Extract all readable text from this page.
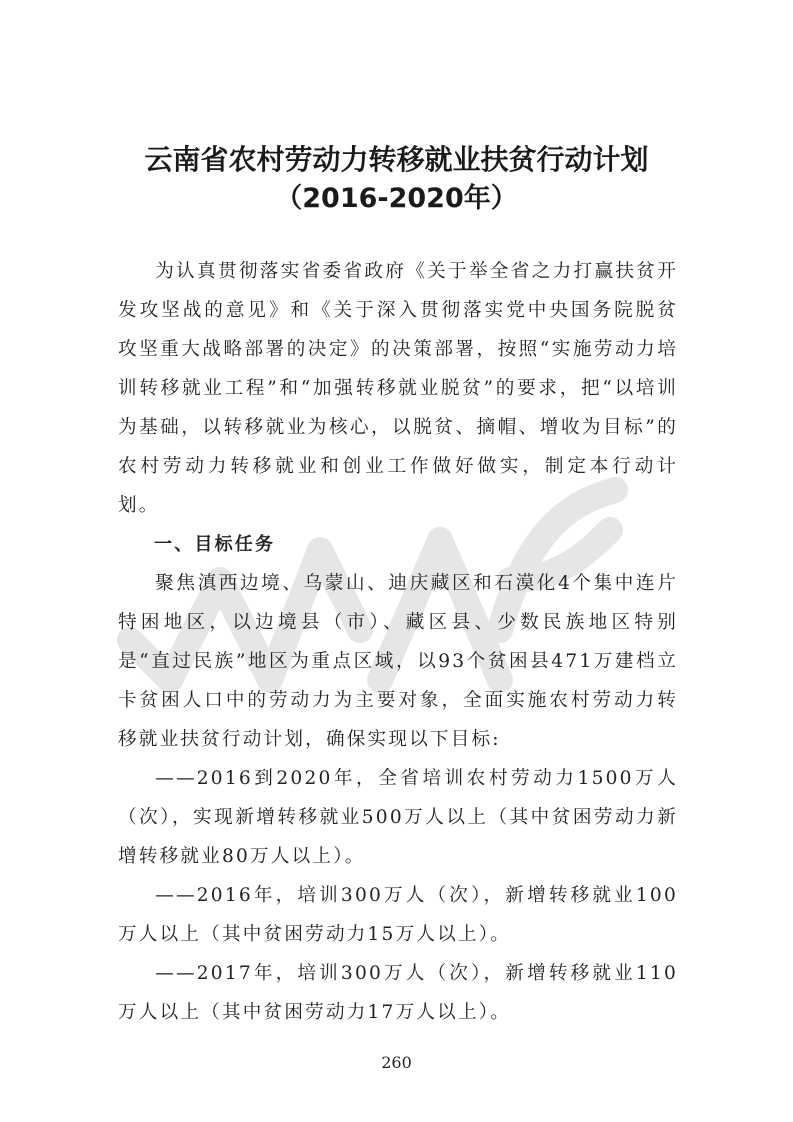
云南省农村劳动力转移就业扶贫行动计划
（2016-2020年）

为认真贯彻落实省委省政府《关于举全省之力打赢扶贫开发攻坚战的意见》和《关于深入贯彻落实党中央国务院脱贫攻坚重大战略部署的决定》的决策部署，按照“实施劳动力培训转移就业工程”和“加强转移就业脱贫”的要求，把“以培训为基础，以转移就业为核心，以脱贫、摘帽、增收为目标”的农村劳动力转移就业和创业工作做好做实，制定本行动计划。

一、目标任务

聚焦滇西边境、乌蒙山、迪庆藏区和石漠化4个集中连片特困地区，以边境县（市）、藏区县、少数民族地区特别是“直过民族”地区为重点区域，以93个贫困县471万建档立卡贫困人口中的劳动力为主要对象，全面实施农村劳动力转移就业扶贫行动计划，确保实现以下目标:

——2016到2020年，全省培训农村劳动力1500万人（次），实现新增转移就业500万人以上（其中贫困劳动力新增转移就业80万人以上）。

——2016年，培训300万人（次），新增转移就业100万人以上（其中贫困劳动力15万人以上）。

——2017年，培训300万人（次），新增转移就业110万人以上（其中贫困劳动力17万人以上）。

260
